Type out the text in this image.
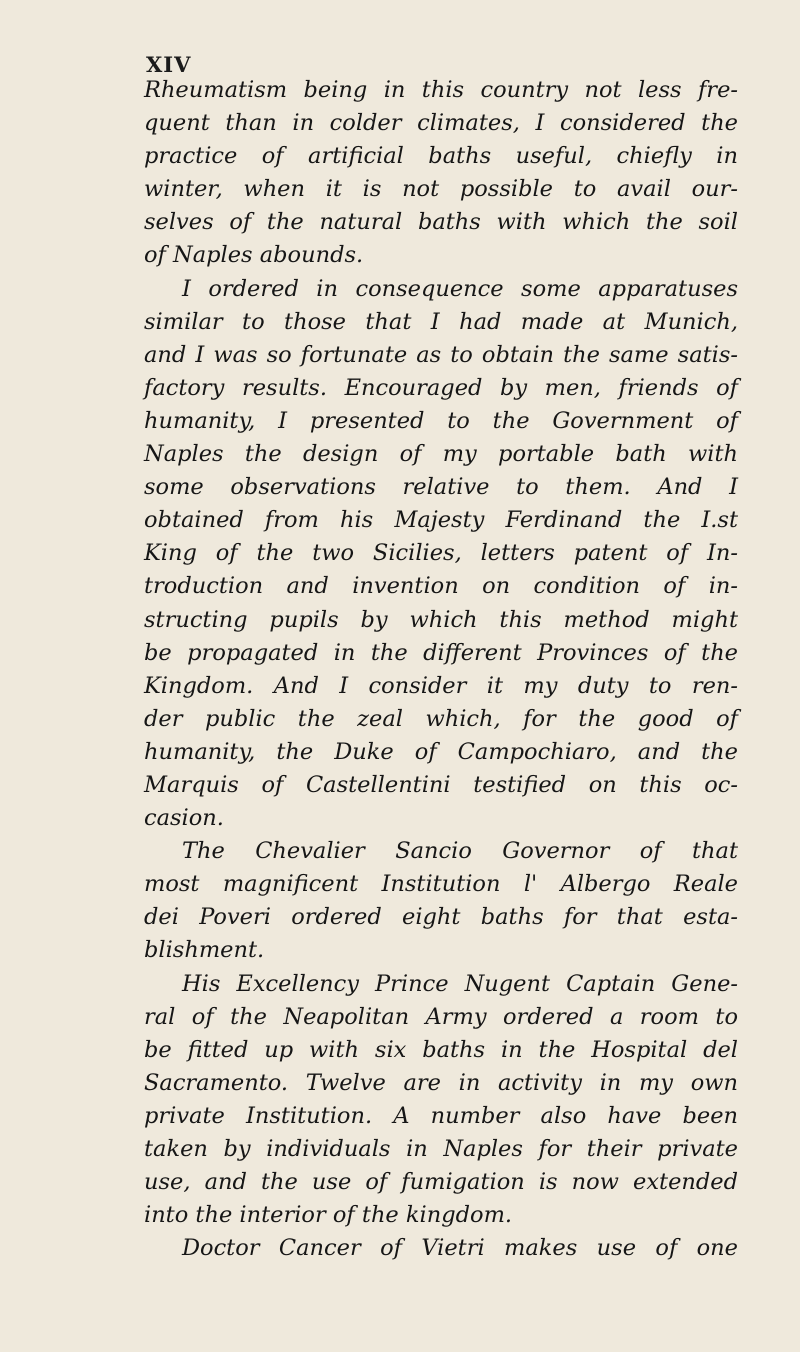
XIV
Rheumatism being in this country not less fre-
quent than in colder climates, I considered the
practice of artificial baths useful, chiefly in
winter, when it is not possible to avail our-
selves of the natural baths with which the soil
of Naples abounds.
I ordered in consequence some apparatuses
similar to those that I had made at Munich,
and I was so fortunate as to obtain the same satis-
factory results. Encouraged by men, friends of
humanity, I presented to the Government of
Naples the design of my portable bath with
some observations relative to them. And I
obtained from his Majesty Ferdinand the I.st
King of the two Sicilies, letters patent of In-
troduction and invention on condition of in-
structing pupils by which this method might
be propagated in the different Provinces of the
Kingdom. And I consider it my duty to ren-
der public the zeal which, for the good of
humanity, the Duke of Campochiaro, and the
Marquis of Castellentini testified on this oc-
casion.
The Chevalier Sancio Governor of that
most magnificent Institution l' Albergo Reale
dei Poveri ordered eight baths for that esta-
blishment.
His Excellency Prince Nugent Captain Gene-
ral of the Neapolitan Army ordered a room to
be fitted up with six baths in the Hospital del
Sacramento. Twelve are in activity in my own
private Institution. A number also have been
taken by individuals in Naples for their private
use, and the use of fumigation is now extended
into the interior of the kingdom.
Doctor Cancer of Vietri makes use of one
